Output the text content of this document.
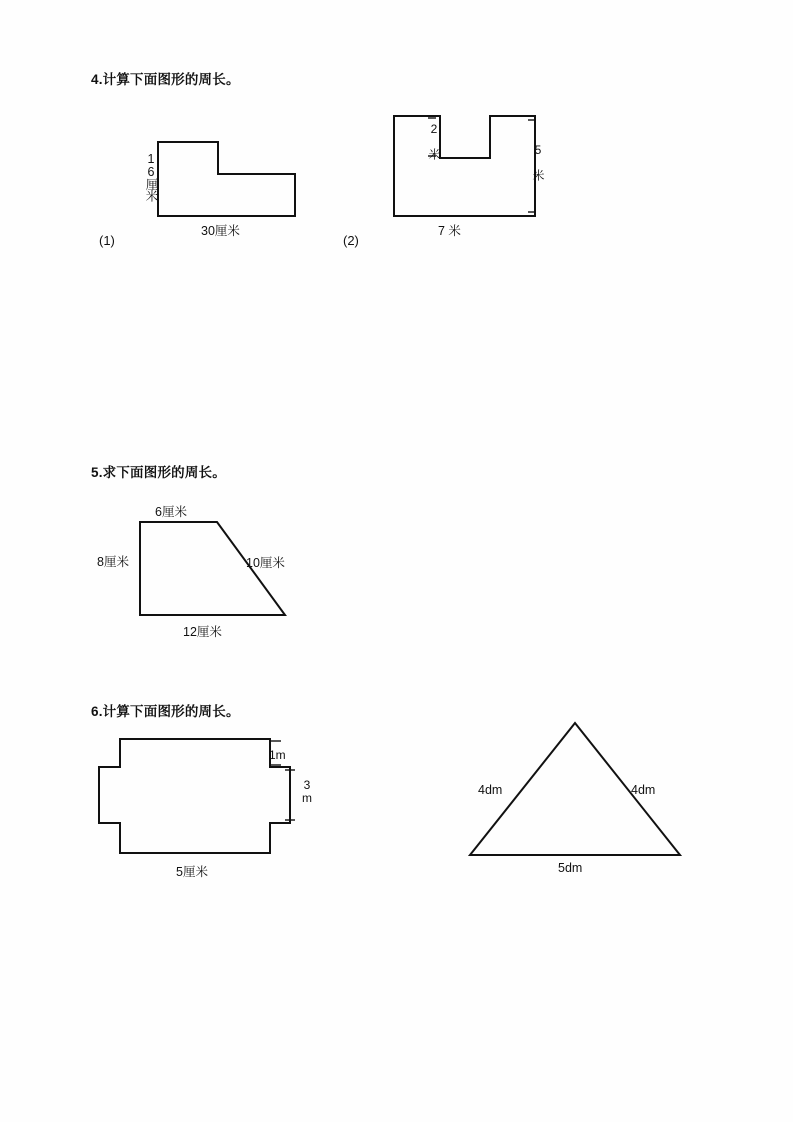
4.计算下面图形的周长。
16厘米
30厘米
(1)
2 米
5 米
7 米
(2)
5.求下面图形的周长。
6厘米
8厘米	10厘米
12厘米
6.计算下面图形的周长。
1m
3m
5厘米
4dm	4dm
5dm
